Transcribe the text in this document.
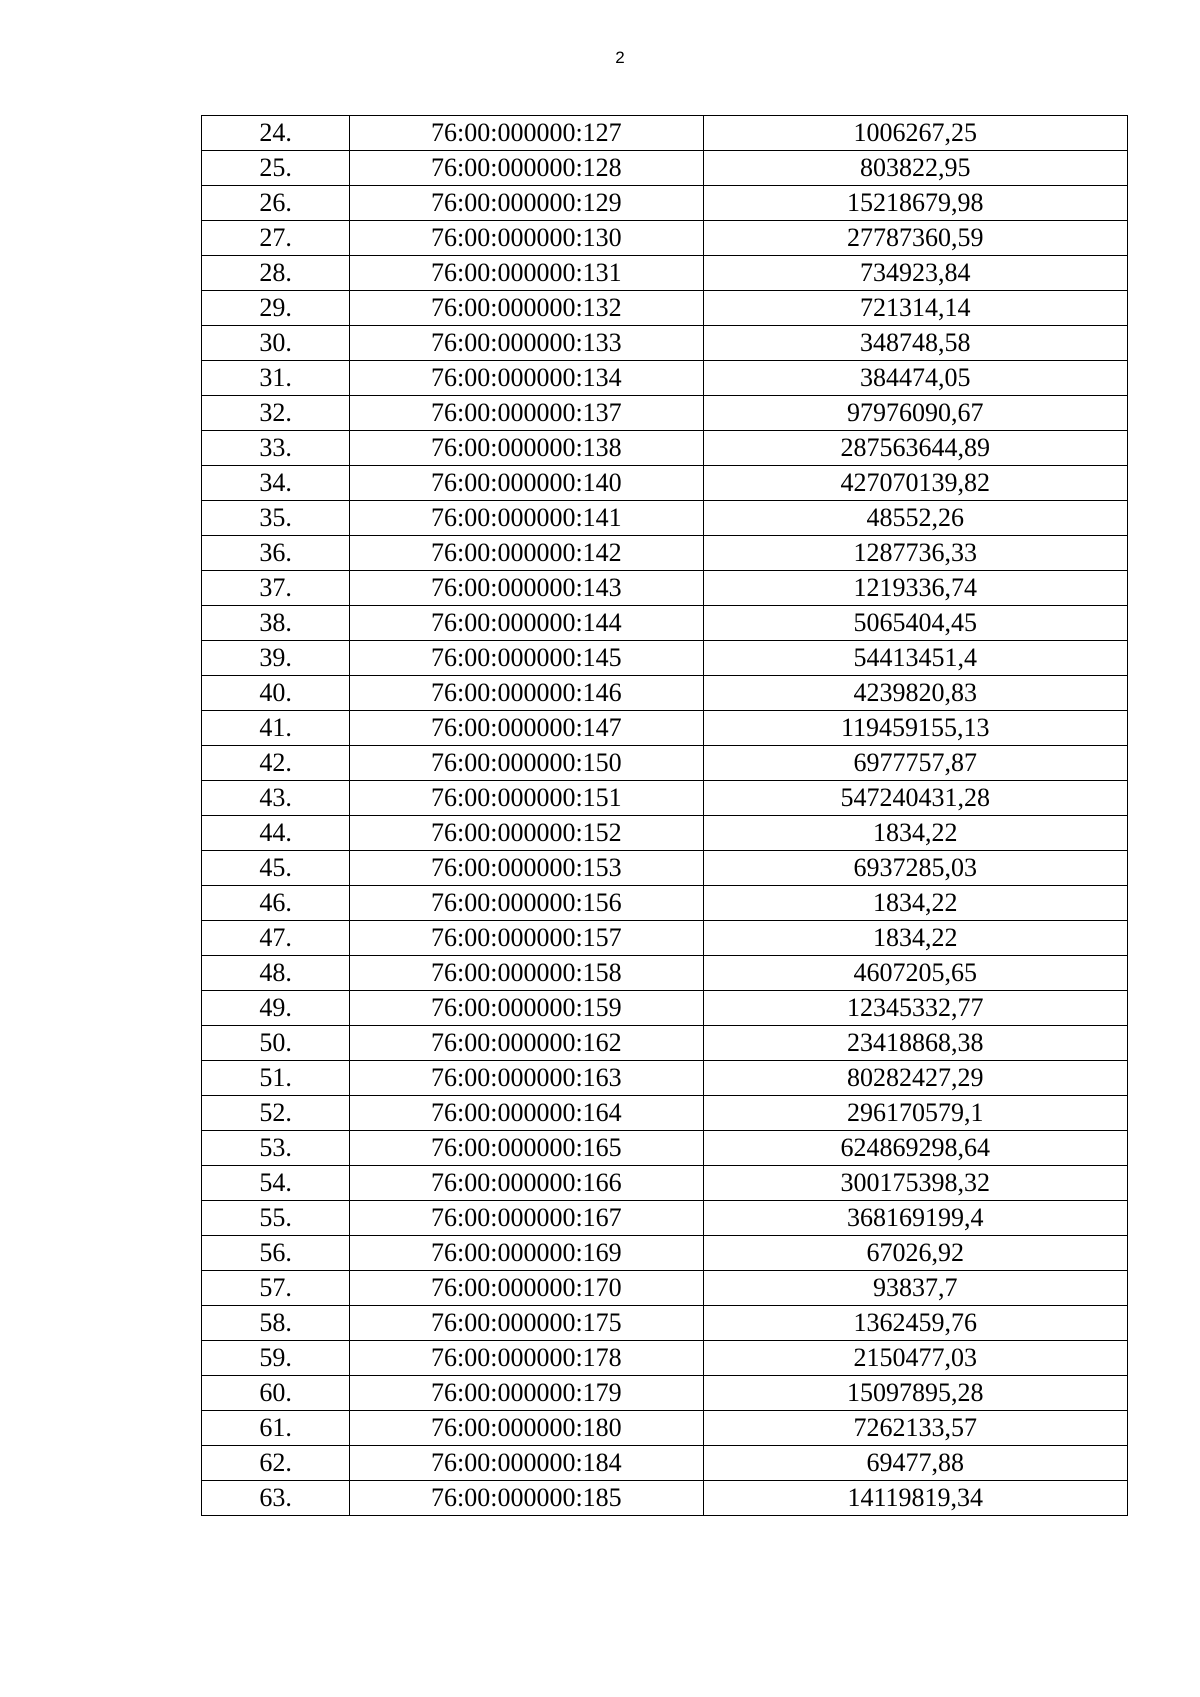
2
24.	76:00:000000:127	1006267,25
25.	76:00:000000:128	803822,95
26.	76:00:000000:129	15218679,98
27.	76:00:000000:130	27787360,59
28.	76:00:000000:131	734923,84
29.	76:00:000000:132	721314,14
30.	76:00:000000:133	348748,58
31.	76:00:000000:134	384474,05
32.	76:00:000000:137	97976090,67
33.	76:00:000000:138	287563644,89
34.	76:00:000000:140	427070139,82
35.	76:00:000000:141	48552,26
36.	76:00:000000:142	1287736,33
37.	76:00:000000:143	1219336,74
38.	76:00:000000:144	5065404,45
39.	76:00:000000:145	54413451,4
40.	76:00:000000:146	4239820,83
41.	76:00:000000:147	119459155,13
42.	76:00:000000:150	6977757,87
43.	76:00:000000:151	547240431,28
44.	76:00:000000:152	1834,22
45.	76:00:000000:153	6937285,03
46.	76:00:000000:156	1834,22
47.	76:00:000000:157	1834,22
48.	76:00:000000:158	4607205,65
49.	76:00:000000:159	12345332,77
50.	76:00:000000:162	23418868,38
51.	76:00:000000:163	80282427,29
52.	76:00:000000:164	296170579,1
53.	76:00:000000:165	624869298,64
54.	76:00:000000:166	300175398,32
55.	76:00:000000:167	368169199,4
56.	76:00:000000:169	67026,92
57.	76:00:000000:170	93837,7
58.	76:00:000000:175	1362459,76
59.	76:00:000000:178	2150477,03
60.	76:00:000000:179	15097895,28
61.	76:00:000000:180	7262133,57
62.	76:00:000000:184	69477,88
63.	76:00:000000:185	14119819,34
